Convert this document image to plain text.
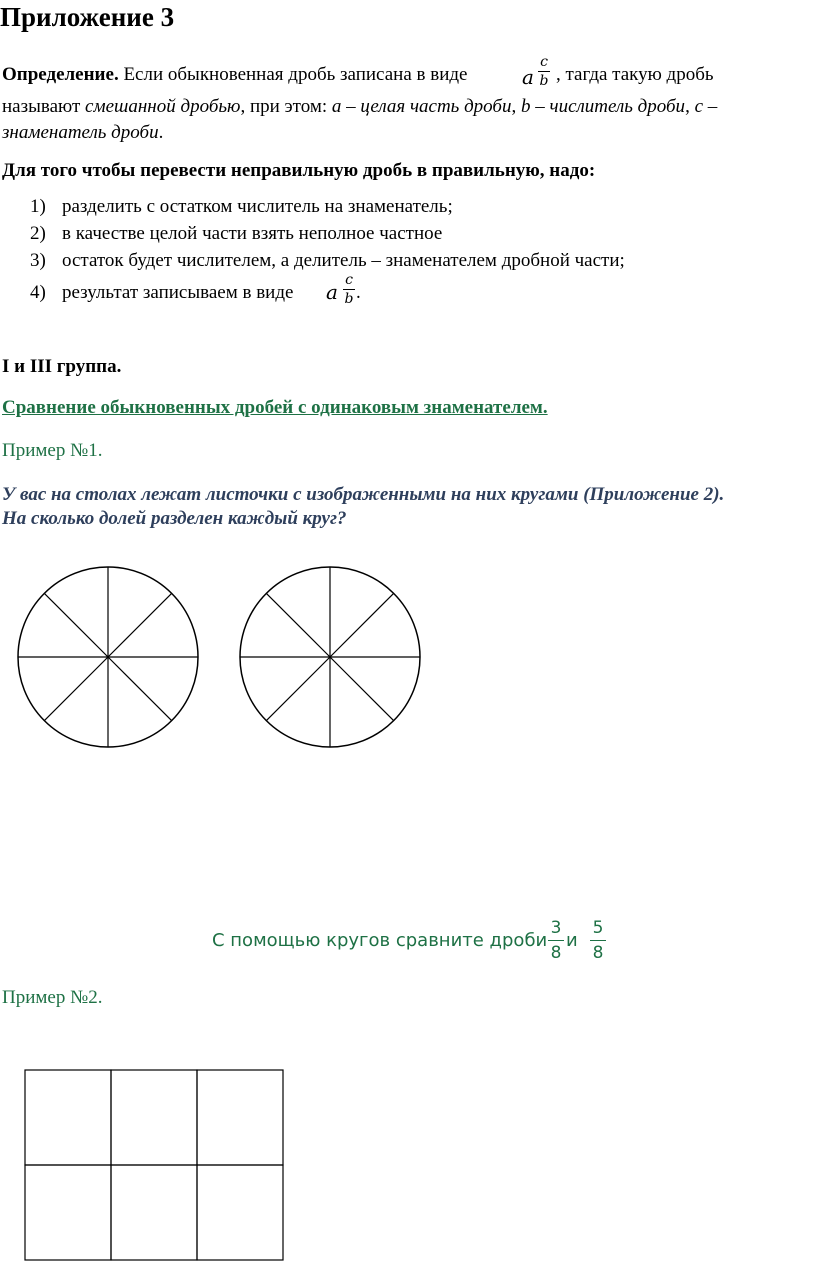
Приложение 3
Определение. Если обыкновенная дробь записана в виде	a
c
b , тагда такую дробь
называют смешанной дробью, при этом: a – целая часть дроби, b – числитель дроби, c –
знаменатель дроби.
Для того чтобы перевести неправильную дробь в правильную, надо:
1) разделить с остатком числитель на знаменатель;
2) в качестве целой части взять неполное частное
3) остаток будет числителем, а делитель – знаменателем дробной части;
4) результат записываем в виде a c
b .
I и III группа.
Сравнение обыкновенных дробей с одинаковым знаменателем.
Пример №1.
У вас на столах лежат листочки с изображенными на них кругами (Приложение 2).
На сколько долей разделен каждый круг?
С помощью кругов сравните дроби
3
8
и
5
8
Пример №2.
